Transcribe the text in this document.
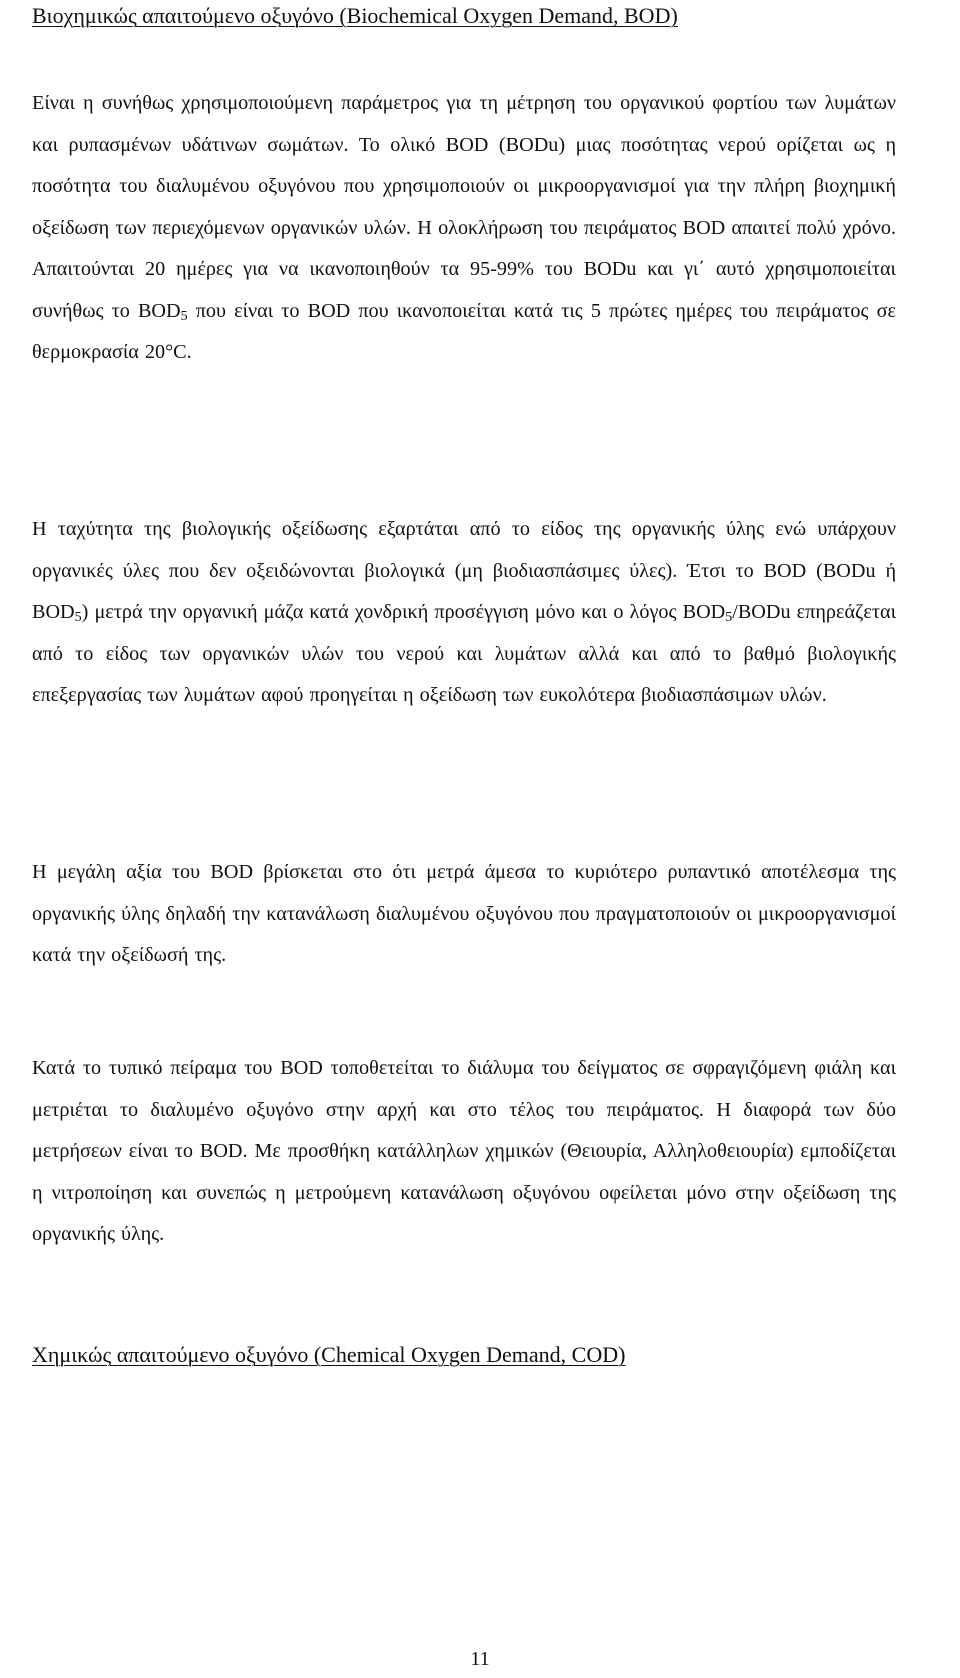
Βιοχημικώς απαιτούμενο οξυγόνο (Biochemical Oxygen Demand, BOD)

Είναι η συνήθως χρησιμοποιούμενη παράμετρος για τη μέτρηση του οργανικού φορτίου των λυμάτων και ρυπασμένων υδάτινων σωμάτων. Το ολικό BOD (BODu) μιας ποσότητας νερού ορίζεται ως η ποσότητα του διαλυμένου οξυγόνου που χρησιμοποιούν οι μικροοργανισμοί για την πλήρη βιοχημική οξείδωση των περιεχόμενων οργανικών υλών. Η ολοκλήρωση του πειράματος BOD απαιτεί πολύ χρόνο. Απαιτούνται 20 ημέρες για να ικανοποιηθούν τα 95-99% του BODu και γι΄ αυτό χρησιμοποιείται συνήθως το $BOD_5$ που είναι το BOD που ικανοποιείται κατά τις 5 πρώτες ημέρες του πειράματος σε θερμοκρασία 20°C.

Η ταχύτητα της βιολογικής οξείδωσης εξαρτάται από το είδος της οργανικής ύλης ενώ υπάρχουν οργανικές ύλες που δεν οξειδώνονται βιολογικά (μη βιοδιασπάσιμες ύλες). Έτσι το BOD (BODu ή $BOD_5$) μετρά την οργανική μάζα κατά χονδρική προσέγγιση μόνο και ο λόγος $BOD_5$/BODu επηρεάζεται από το είδος των οργανικών υλών του νερού και λυμάτων αλλά και από το βαθμό βιολογικής επεξεργασίας των λυμάτων αφού προηγείται η οξείδωση των ευκολότερα βιοδιασπάσιμων υλών.

Η μεγάλη αξία του BOD βρίσκεται στο ότι μετρά άμεσα το κυριότερο ρυπαντικό αποτέλεσμα της οργανικής ύλης δηλαδή την κατανάλωση διαλυμένου οξυγόνου που πραγματοποιούν οι μικροοργανισμοί κατά την οξείδωσή της.

Κατά το τυπικό πείραμα του BOD τοποθετείται το διάλυμα του δείγματος σε σφραγιζόμενη φιάλη και μετριέται το διαλυμένο οξυγόνο στην αρχή και στο τέλος του πειράματος. Η διαφορά των δύο μετρήσεων είναι το BOD. Με προσθήκη κατάλληλων χημικών (Θειουρία, Αλληλοθειουρία) εμποδίζεται η νιτροποίηση και συνεπώς η μετρούμενη κατανάλωση οξυγόνου οφείλεται μόνο στην οξείδωση της οργανικής ύλης.

Χημικώς απαιτούμενο οξυγόνο (Chemical Oxygen Demand, COD)
11
